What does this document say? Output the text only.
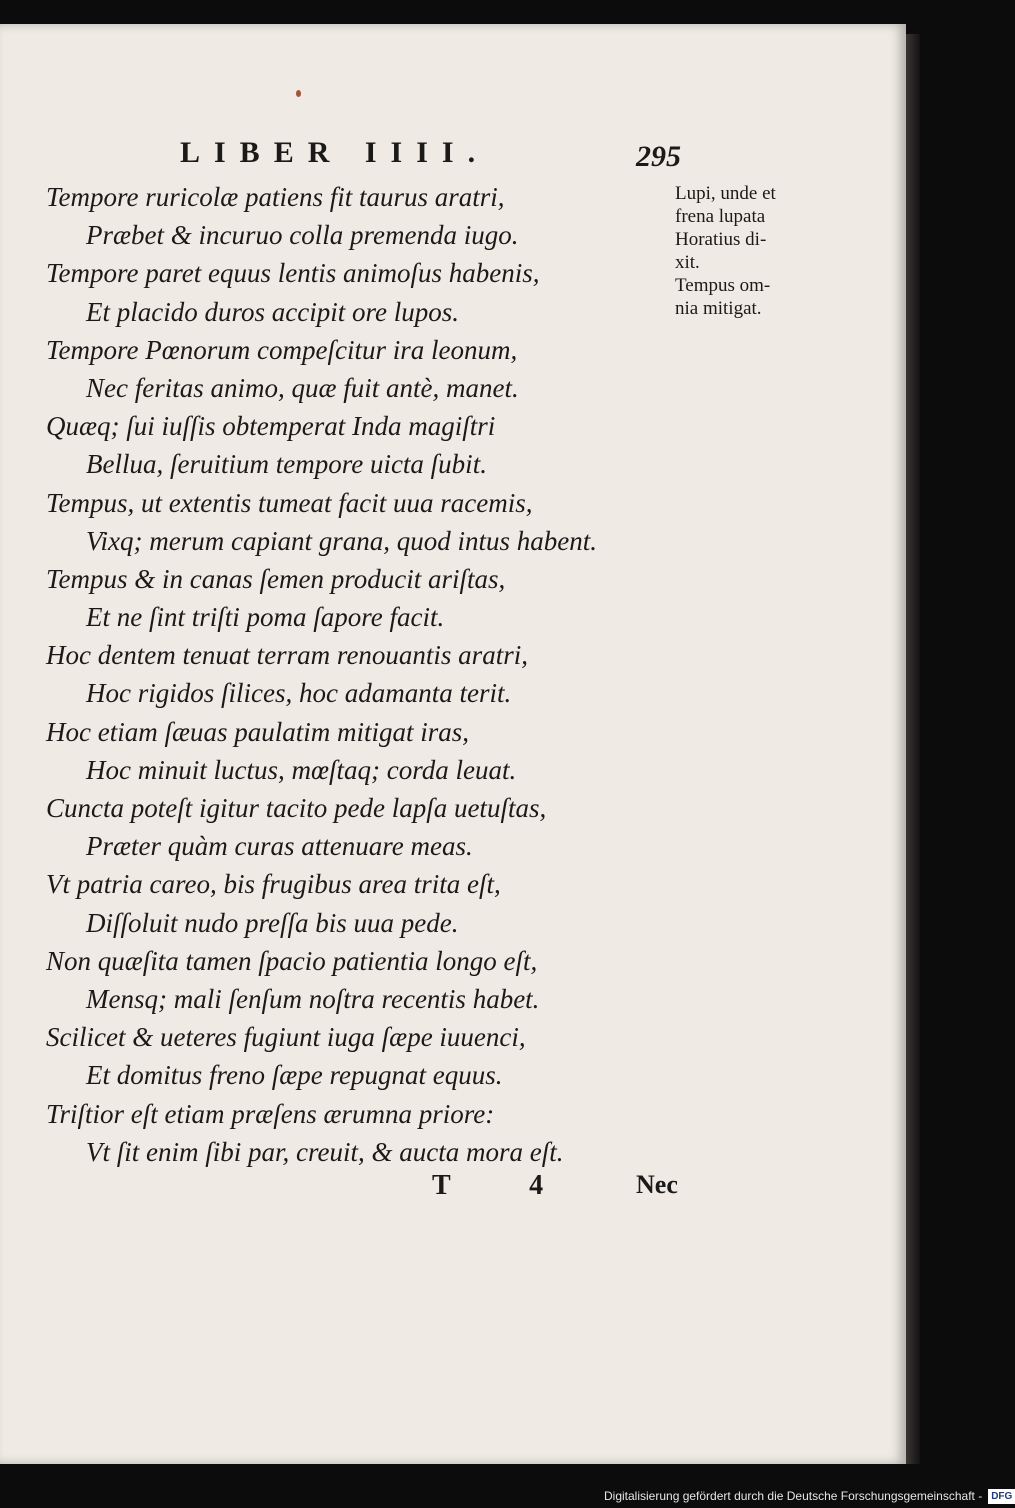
LIBER IIII.	295
Tempore ruricolæ patiens fit taurus aratri,
Præbet & incuruo colla premenda iugo.
Tempore paret equus lentis animoſus habenis,
Et placido duros accipit ore lupos.
Tempore Pœnorum compeſcitur ira leonum,
Nec feritas animo, quæ fuit antè, manet.
Quæq; ſui iuſſis obtemperat Inda magiſtri
Bellua, ſeruitium tempore uicta ſubit.
Tempus, ut extentis tumeat facit uua racemis,
Vixq; merum capiant grana, quod intus habent.
Tempus & in canas ſemen producit ariſtas,
Et ne ſint triſti poma ſapore facit.
Hoc dentem tenuat terram renouantis aratri,
Hoc rigidos ſilices, hoc adamanta terit.
Hoc etiam ſæuas paulatim mitigat iras,
Hoc minuit luctus, mœſtaq; corda leuat.
Cuncta poteſt igitur tacito pede lapſa uetuſtas,
Præter quàm curas attenuare meas.
Vt patria careo, bis frugibus area trita eſt,
Diſſoluit nudo preſſa bis uua pede.
Non quæſita tamen ſpacio patientia longo eſt,
Mensq; mali ſenſum noſtra recentis habet.
Scilicet & ueteres fugiunt iuga ſæpe iuuenci,
Et domitus freno ſæpe repugnat equus.
Triſtior eſt etiam præſens ærumna priore:
Vt ſit enim ſibi par, creuit, & aucta mora eſt.
Lupi, unde et
frena lupata
Horatius di-
xit.
Tempus om-
nia mitigat.
T 4 Nec
Digitalisierung gefördert durch die Deutsche Forschungsgemeinschaft - DFG
